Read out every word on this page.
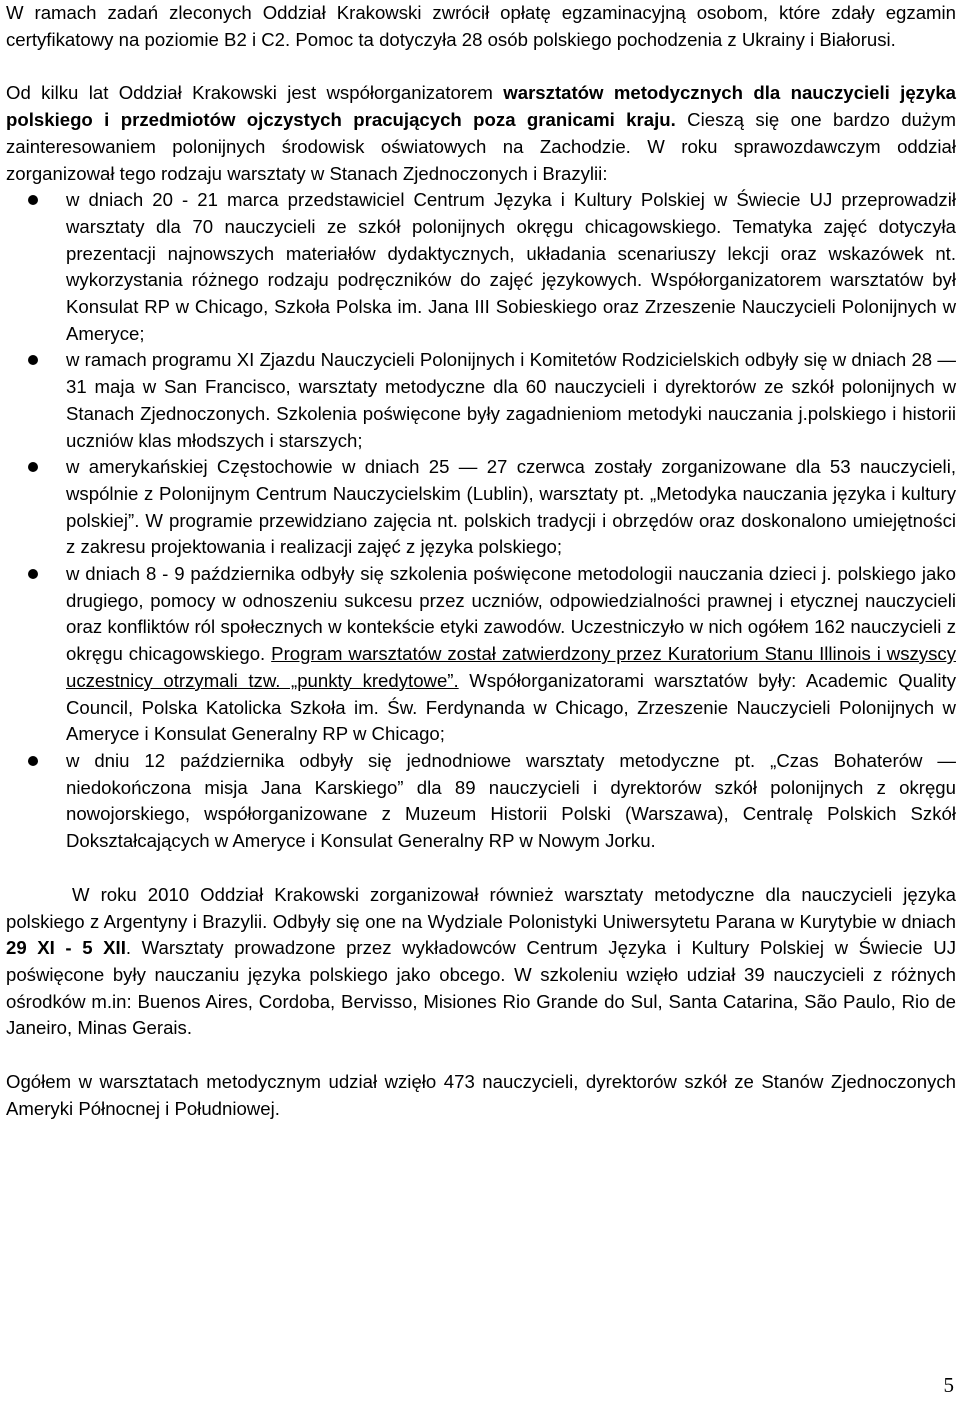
W ramach zadań zleconych Oddział Krakowski zwrócił opłatę egzaminacyjną osobom, które zdały egzamin certyfikatowy na poziomie B2 i C2. Pomoc ta dotyczyła 28 osób polskiego pochodzenia z Ukrainy i Białorusi.

Od kilku lat Oddział Krakowski jest współorganizatorem warsztatów metodycznych dla nauczycieli języka polskiego i przedmiotów ojczystych pracujących poza granicami kraju. Cieszą się one bardzo dużym zainteresowaniem polonijnych środowisk oświatowych na Zachodzie. W roku sprawozdawczym oddział zorganizował tego rodzaju warsztaty w Stanach Zjednoczonych i Brazylii:

w dniach 20 - 21 marca przedstawiciel Centrum Języka i Kultury Polskiej w Świecie UJ przeprowadził warsztaty dla 70 nauczycieli ze szkół polonijnych okręgu chicagowskiego. Tematyka zajęć dotyczyła prezentacji najnowszych materiałów dydaktycznych, układania scenariuszy lekcji oraz wskazówek nt. wykorzystania różnego rodzaju podręczników do zajęć językowych. Współorganizatorem warsztatów był Konsulat RP w Chicago, Szkoła Polska im. Jana III Sobieskiego oraz Zrzeszenie Nauczycieli Polonijnych w Ameryce;
w ramach programu XI Zjazdu Nauczycieli Polonijnych i Komitetów Rodzicielskich odbyły się w dniach 28 — 31 maja w San Francisco, warsztaty metodyczne dla 60 nauczycieli i dyrektorów ze szkół polonijnych w Stanach Zjednoczonych. Szkolenia poświęcone były zagadnieniom metodyki nauczania j.polskiego i historii uczniów klas młodszych i starszych;
w amerykańskiej Częstochowie w dniach 25 — 27 czerwca zostały zorganizowane dla 53 nauczycieli, wspólnie z Polonijnym Centrum Nauczycielskim (Lublin), warsztaty pt. „Metodyka nauczania języka i kultury polskiej”. W programie przewidziano zajęcia nt. polskich tradycji i obrzędów oraz doskonalono umiejętności z zakresu projektowania i realizacji zajęć z języka polskiego;
w dniach 8 - 9 października odbyły się szkolenia poświęcone metodologii nauczania dzieci j. polskiego jako drugiego, pomocy w odnoszeniu sukcesu przez uczniów, odpowiedzialności prawnej i etycznej nauczycieli oraz konfliktów ról społecznych w kontekście etyki zawodów. Uczestniczyło w nich ogółem 162 nauczycieli z okręgu chicagowskiego. Program warsztatów został zatwierdzony przez Kuratorium Stanu Illinois i wszyscy uczestnicy otrzymali tzw. „punkty kredytowe”. Współorganizatorami warsztatów były: Academic Quality Council, Polska Katolicka Szkoła im. Św. Ferdynanda w Chicago, Zrzeszenie Nauczycieli Polonijnych w Ameryce i Konsulat Generalny RP w Chicago;
w dniu 12 października odbyły się jednodniowe warsztaty metodyczne pt. „Czas Bohaterów — niedokończona misja Jana Karskiego” dla 89 nauczycieli i dyrektorów szkół polonijnych z okręgu nowojorskiego, współorganizowane z Muzeum Historii Polski (Warszawa), Centralę Polskich Szkół Dokształcających w Ameryce i Konsulat Generalny RP w Nowym Jorku.

W roku 2010 Oddział Krakowski zorganizował również warsztaty metodyczne dla nauczycieli języka polskiego z Argentyny i Brazylii. Odbyły się one na Wydziale Polonistyki Uniwersytetu Parana w Kurytybie w dniach 29 XI - 5 XII. Warsztaty prowadzone przez wykładowców Centrum Języka i Kultury Polskiej w Świecie UJ poświęcone były nauczaniu języka polskiego jako obcego. W szkoleniu wzięło udział 39 nauczycieli z różnych ośrodków m.in: Buenos Aires, Cordoba, Bervisso, Misiones Rio Grande do Sul, Santa Catarina, São Paulo, Rio de Janeiro, Minas Gerais.

Ogółem w warsztatach metodycznym udział wzięło 473 nauczycieli, dyrektorów szkół ze Stanów Zjednoczonych Ameryki Północnej i Południowej.

5
